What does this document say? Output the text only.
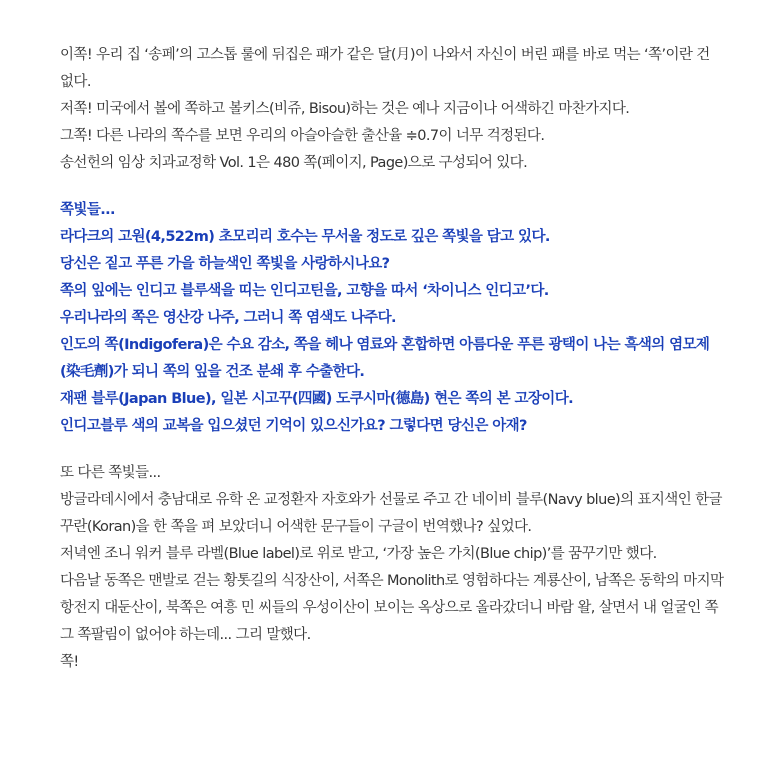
이쪽! 우리 집 ‘송페’의 고스톱 룰에 뒤집은 패가 같은 달(月)이 나와서 자신이 버린 패를 바로 먹는 ‘쪽’이란 건 없다.

저쪽! 미국에서 볼에 쪽하고 볼키스(비쥬, Bisou)하는 것은 예나 지금이나 어색하긴 마찬가지다.

그쪽! 다른 나라의 쪽수를 보면 우리의 아슬아슬한 출산율 ≑0.7이 너무 걱정된다.

송선헌의 임상 치과교정학 Vol. 1은 480 쪽(페이지, Page)으로 구성되어 있다.

쪽빛들...

라다크의 고원(4,522m) 초모리리 호수는 무서울 정도로 깊은 쪽빛을 담고 있다.

당신은 짙고 푸른 가을 하늘색인 쪽빛을 사랑하시나요?

쪽의 잎에는 인디고 블루색을 띠는 인디고틴을, 고향을 따서 ‘차이니스 인디고’다.

우리나라의 쪽은 영산강 나주, 그러니 쪽 염색도 나주다.

인도의 쪽(Indigofera)은 수요 감소, 쪽을 헤나 염료와 혼합하면 아름다운 푸른 광택이 나는 흑색의 염모제(染毛劑)가 되니 쪽의 잎을 건조 분쇄 후 수출한다.

재팬 블루(Japan Blue), 일본 시고꾸(四國) 도쿠시마(德島) 현은 쪽의 본 고장이다.

인디고블루 색의 교복을 입으셨던 기억이 있으신가요? 그렇다면 당신은 아재?

또 다른 쪽빛들...

방글라데시에서 충남대로 유학 온 교정환자 자호와가 선물로 주고 간 네이비 블루(Navy blue)의 표지색인 한글 꾸란(Koran)을 한 쪽을 펴 보았더니 어색한 문구들이 구글이 번역했나? 싶었다.

저녁엔 조니 워커 블루 라벨(Blue label)로 위로 받고, ‘가장 높은 가치(Blue chip)’를 꿈꾸기만 했다.

다음날 동쪽은 맨발로 걷는 황톳길의 식장산이, 서쪽은 Monolith로 영험하다는 계룡산이, 남쪽은 동학의 마지막 항전지 대둔산이, 북쪽은 여흥 민 씨들의 우성이산이 보이는 옥상으로 올라갔더니 바람 왈, 살면서 내 얼굴인 쪽 그 쪽팔림이 없어야 하는데... 그리 말했다.

쪽!
